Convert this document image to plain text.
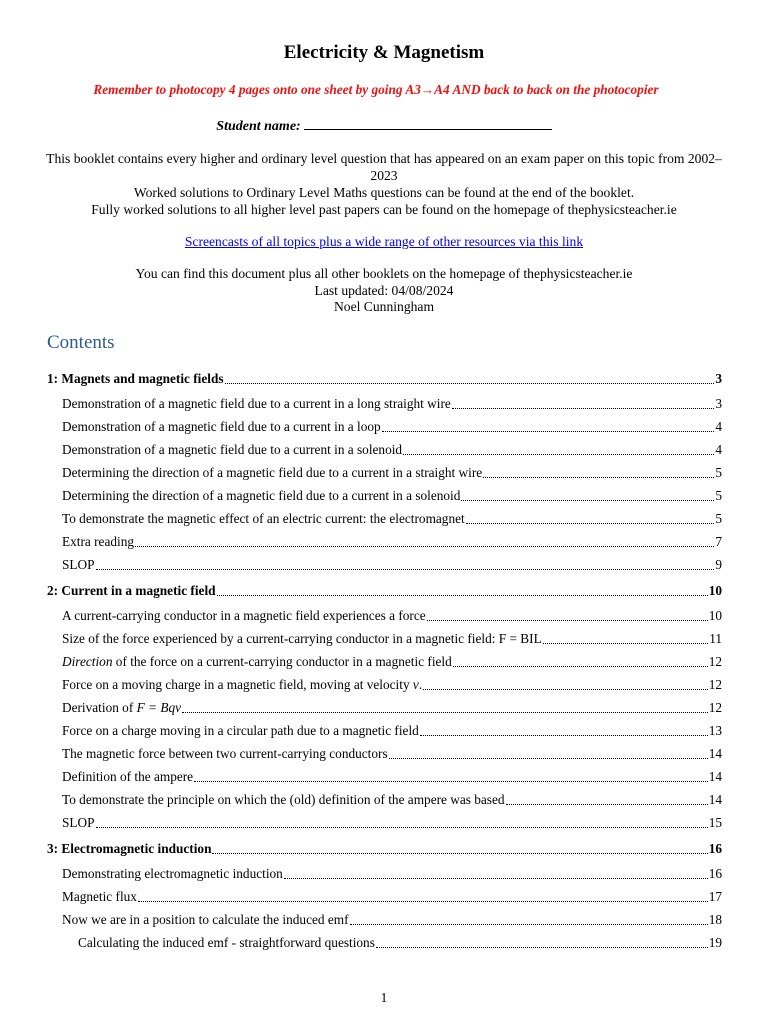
Electricity & Magnetism
Remember to photocopy 4 pages onto one sheet by going A3→A4 AND back to back on the photocopier
Student name:
This booklet contains every higher and ordinary level question that has appeared on an exam paper on this topic from 2002–2023
Worked solutions to Ordinary Level Maths questions can be found at the end of the booklet.
Fully worked solutions to all higher level past papers can be found on the homepage of thephysicsteacher.ie
Screencasts of all topics plus a wide range of other resources via this link
You can find this document plus all other booklets on the homepage of thephysicsteacher.ie
Last updated: 04/08/2024
Noel Cunningham
Contents
1: Magnets and magnetic fields	3
Demonstration of a magnetic field due to a current in a long straight wire	3
Demonstration of a magnetic field due to a current in a loop	4
Demonstration of a magnetic field due to a current in a solenoid	4
Determining the direction of a magnetic field due to a current in a straight wire	5
Determining the direction of a magnetic field due to a current in a solenoid	5
To demonstrate the magnetic effect of an electric current: the electromagnet	5
Extra reading	7
SLOP	9
2: Current in a magnetic field	10
A current-carrying conductor in a magnetic field experiences a force	10
Size of the force experienced by a current-carrying conductor in a magnetic field: F = BIL	11
Direction of the force on a current-carrying conductor in a magnetic field	12
Force on a moving charge in a magnetic field, moving at velocity v.	12
Derivation of F = Bqv	12
Force on a charge moving in a circular path due to a magnetic field	13
The magnetic force between two current-carrying conductors	14
Definition of the ampere	14
To demonstrate the principle on which the (old) definition of the ampere was based	14
SLOP	15
3: Electromagnetic induction	16
Demonstrating electromagnetic induction	16
Magnetic flux	17
Now we are in a position to calculate the induced emf	18
Calculating the induced emf - straightforward questions	19
1
